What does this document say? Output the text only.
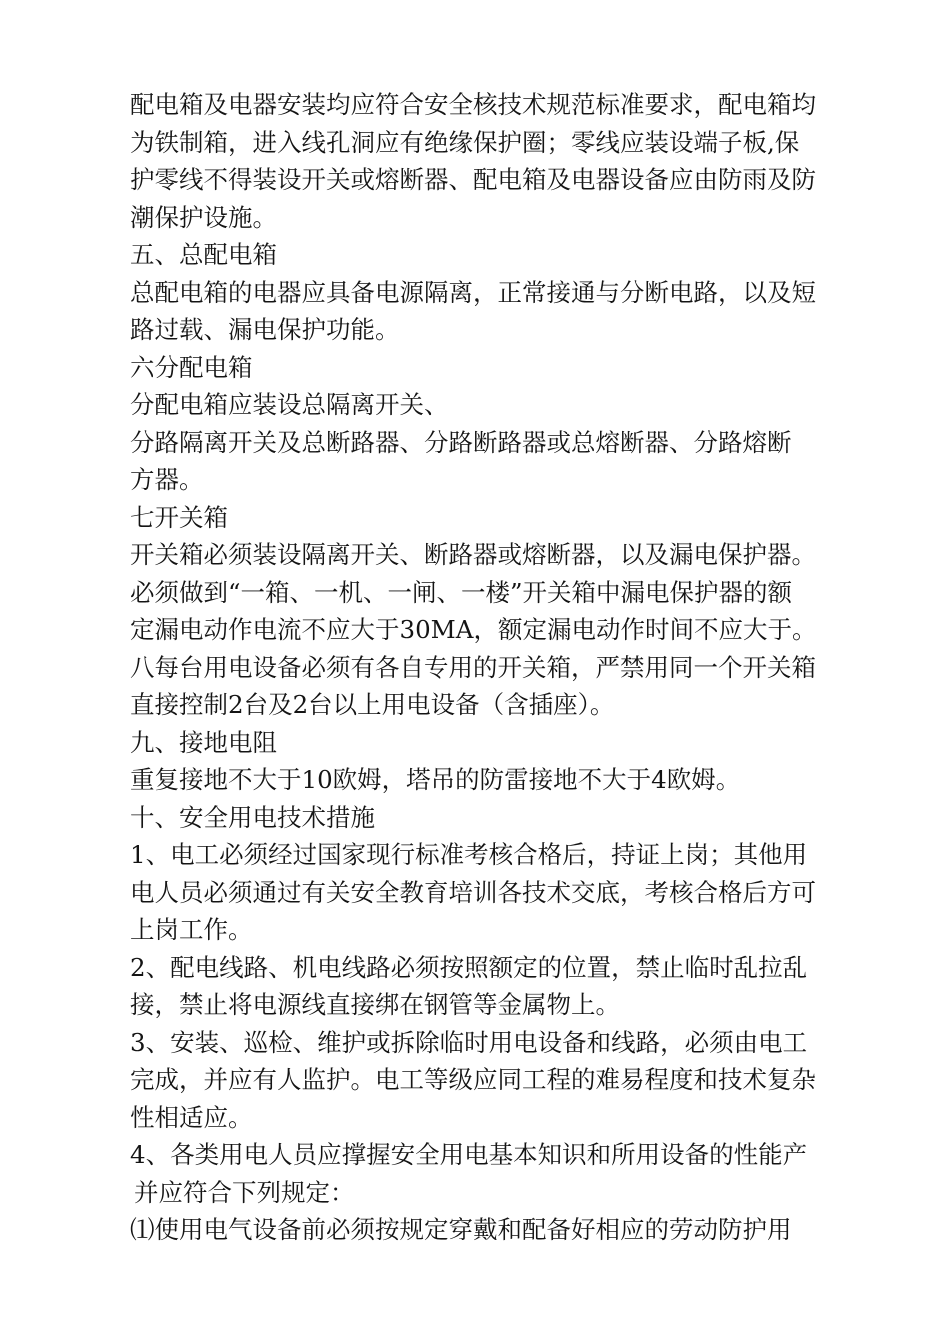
配电箱及电器安装均应符合安全核技术规范标准要求，配电箱均
为铁制箱，进入线孔洞应有绝缘保护圈；零线应装设端子板,保
护零线不得装设开关或熔断器、配电箱及电器设备应由防雨及防
潮保护设施。
五、总配电箱
总配电箱的电器应具备电源隔离，正常接通与分断电路，以及短
路过载、漏电保护功能。
六分配电箱
分配电箱应装设总隔离开关、
分路隔离开关及总断路器、分路断路器或总熔断器、分路熔断
方器。
七开关箱
开关箱必须装设隔离开关、断路器或熔断器，以及漏电保护器。
必须做到“一箱、一机、一闸、一楼”开关箱中漏电保护器的额
定漏电动作电流不应大于30MA，额定漏电动作时间不应大于。
八每台用电设备必须有各自专用的开关箱，严禁用同一个开关箱
直接控制2台及2台以上用电设备（含插座）。
九、接地电阻
重复接地不大于10欧姆，塔吊的防雷接地不大于4欧姆。
十、安全用电技术措施
1、电工必须经过国家现行标准考核合格后，持证上岗；其他用
电人员必须通过有关安全教育培训各技术交底，考核合格后方可
上岗工作。
2、配电线路、机电线路必须按照额定的位置，禁止临时乱拉乱
接，禁止将电源线直接绑在钢管等金属物上。
3、安装、巡检、维护或拆除临时用电设备和线路，必须由电工
完成，并应有人监护。电工等级应同工程的难易程度和技术复杂
性相适应。
4、各类用电人员应撑握安全用电基本知识和所用设备的性能产
并应符合下列规定：
⑴使用电气设备前必须按规定穿戴和配备好相应的劳动防护用
